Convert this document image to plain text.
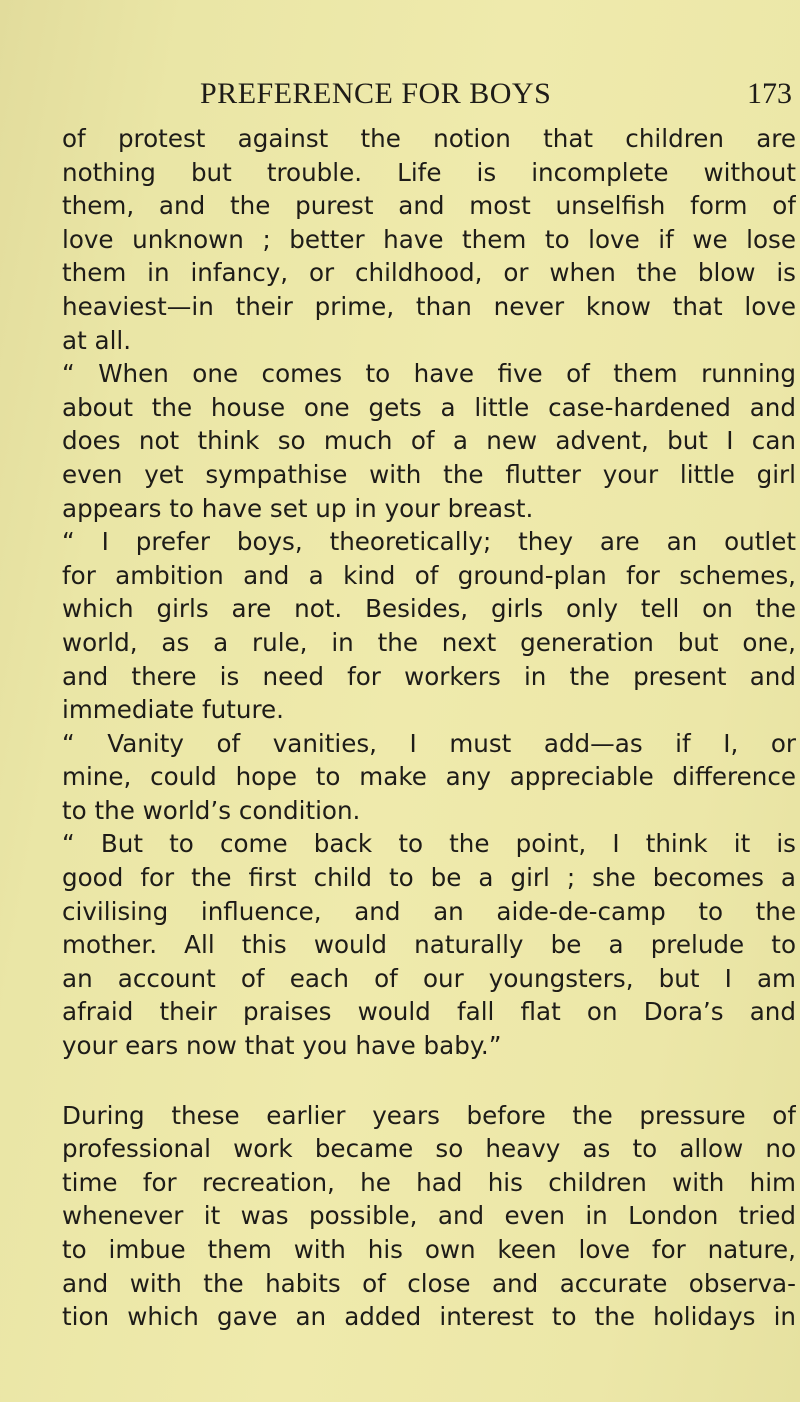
PREFERENCE FOR BOYS	173
of protest against the notion that children are
nothing but trouble. Life is incomplete without
them, and the purest and most unselfish form of
love unknown ; better have them to love if we lose
them in infancy, or childhood, or when the blow is
heaviest—in their prime, than never know that love
at all.
“ When one comes to have five of them running
about the house one gets a little case-hardened and
does not think so much of a new advent, but I can
even yet sympathise with the flutter your little girl
appears to have set up in your breast.
“ I prefer boys, theoretically; they are an outlet
for ambition and a kind of ground-plan for schemes,
which girls are not. Besides, girls only tell on the
world, as a rule, in the next generation but one,
and there is need for workers in the present and
immediate future.
“ Vanity of vanities, I must add—as if I, or
mine, could hope to make any appreciable difference
to the world’s condition.
“ But to come back to the point, I think it is
good for the first child to be a girl ; she becomes a
civilising influence, and an aide-de-camp to the
mother. All this would naturally be a prelude to
an account of each of our youngsters, but I am
afraid their praises would fall flat on Dora’s and
your ears now that you have baby.”
During these earlier years before the pressure of
professional work became so heavy as to allow no
time for recreation, he had his children with him
whenever it was possible, and even in London tried
to imbue them with his own keen love for nature,
and with the habits of close and accurate observa-
tion which gave an added interest to the holidays in
